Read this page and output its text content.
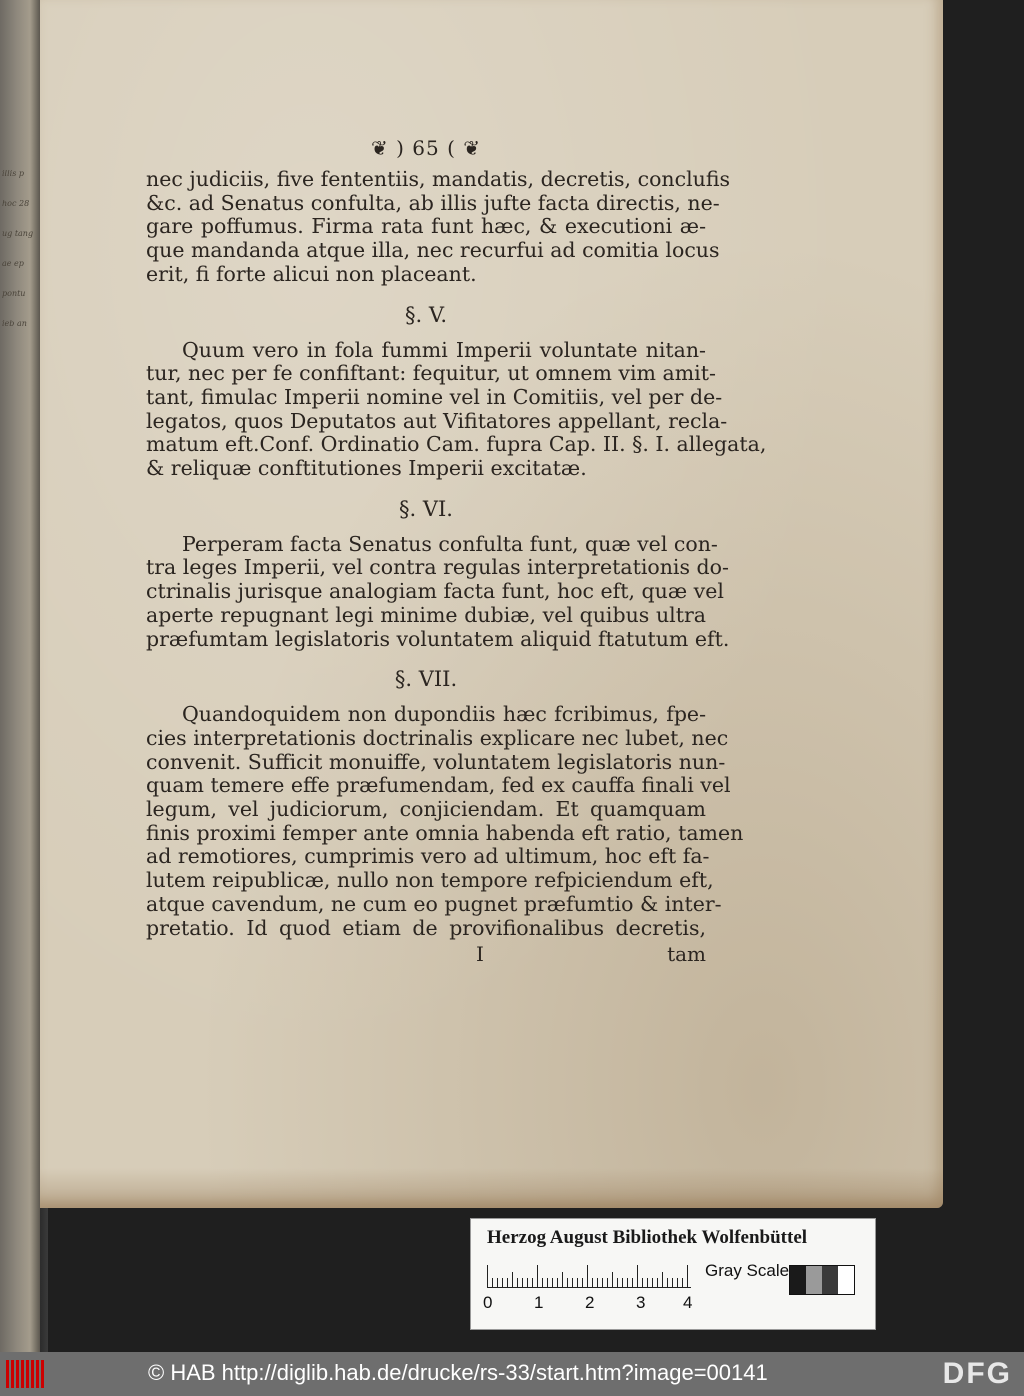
illis p
hoc 28
ug tang
ae ep
pontu
ieb an
❦ ) 65 ( ❦

nec judiciis, five fententiis, mandatis, decretis, conclufis

&c. ad Senatus confulta, ab illis jufte facta directis, ne-

gare poffumus. Firma rata funt hæc, & executioni æ-

que mandanda atque illa, nec recurfui ad comitia locus

erit, fi forte alicui non placeant.

§. V.

Quum vero in fola fummi Imperii voluntate nitan-

tur, nec per fe confiftant: fequitur, ut omnem vim amit-

tant, fimulac Imperii nomine vel in Comitiis, vel per de-

legatos, quos Deputatos aut Vifitatores appellant, recla-

matum eft.Conf. Ordinatio Cam. fupra Cap. II. §. I. allegata,

& reliquæ conftitutiones Imperii excitatæ.

§. VI.

Perperam facta Senatus confulta funt, quæ vel con-

tra leges Imperii, vel contra regulas interpretationis do-

ctrinalis jurisque analogiam facta funt, hoc eft, quæ vel

aperte repugnant legi minime dubiæ, vel quibus ultra

præfumtam legislatoris voluntatem aliquid ftatutum eft.

§. VII.

Quandoquidem non dupondiis hæc fcribimus, fpe-

cies interpretationis doctrinalis explicare nec lubet, nec

convenit. Sufficit monuiffe, voluntatem legislatoris nun-

quam temere effe præfumendam, fed ex cauffa finali vel

legum, vel judiciorum, conjiciendam. Et quamquam

finis proximi femper ante omnia habenda eft ratio, tamen

ad remotiores, cumprimis vero ad ultimum, hoc eft fa-

lutem reipublicæ, nullo non tempore refpiciendum eft,

atque cavendum, ne cum eo pugnet præfumtio & inter-

pretatio. Id quod etiam de provifionalibus decretis,

I	tam
Herzog August Bibliothek Wolfenbüttel
0 1 2 3 4
Gray Scale
© HAB http://diglib.hab.de/drucke/rs-33/start.htm?image=00141	DFG
